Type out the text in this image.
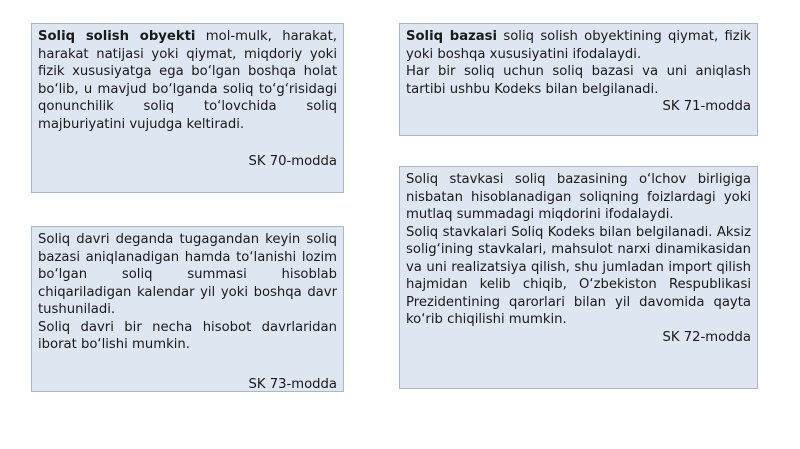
Soliq solish obyekti mol-mulk, harakat, harakat natijasi yoki qiymat, miqdoriy yoki fizik xususiyatga ega bo‘lgan boshqa holat bo‘lib, u mavjud bo‘lganda soliq to‘g‘risidagi qonunchilik soliq to‘lovchida soliq majburiyatini vujudga keltiradi.

SK 70-modda

Soliq bazasi soliq solish obyektining qiymat, fizik yoki boshqa xususiyatini ifodalaydi.

Har bir soliq uchun soliq bazasi va uni aniqlash tartibi ushbu Kodeks bilan belgilanadi.

SK 71-modda

Soliq davri deganda tugagandan keyin soliq bazasi aniqlanadigan hamda to‘lanishi lozim bo‘lgan soliq summasi hisoblab chiqariladigan kalendar yil yoki boshqa davr tushuniladi.

Soliq davri bir necha hisobot davrlaridan iborat bo‘lishi mumkin.

SK 73-modda

Soliq stavkasi soliq bazasining o‘lchov birligiga nisbatan hisoblanadigan soliqning foizlardagi yoki mutlaq summadagi miqdorini ifodalaydi.

Soliq stavkalari Soliq Kodeks bilan belgilanadi. Aksiz solig‘ining stavkalari, mahsulot narxi dinamikasidan va uni realizatsiya qilish, shu jumladan import qilish hajmidan kelib chiqib, O‘zbekiston Respublikasi Prezidentining qarorlari bilan yil davomida qayta ko‘rib chiqilishi mumkin.

SK 72-modda
